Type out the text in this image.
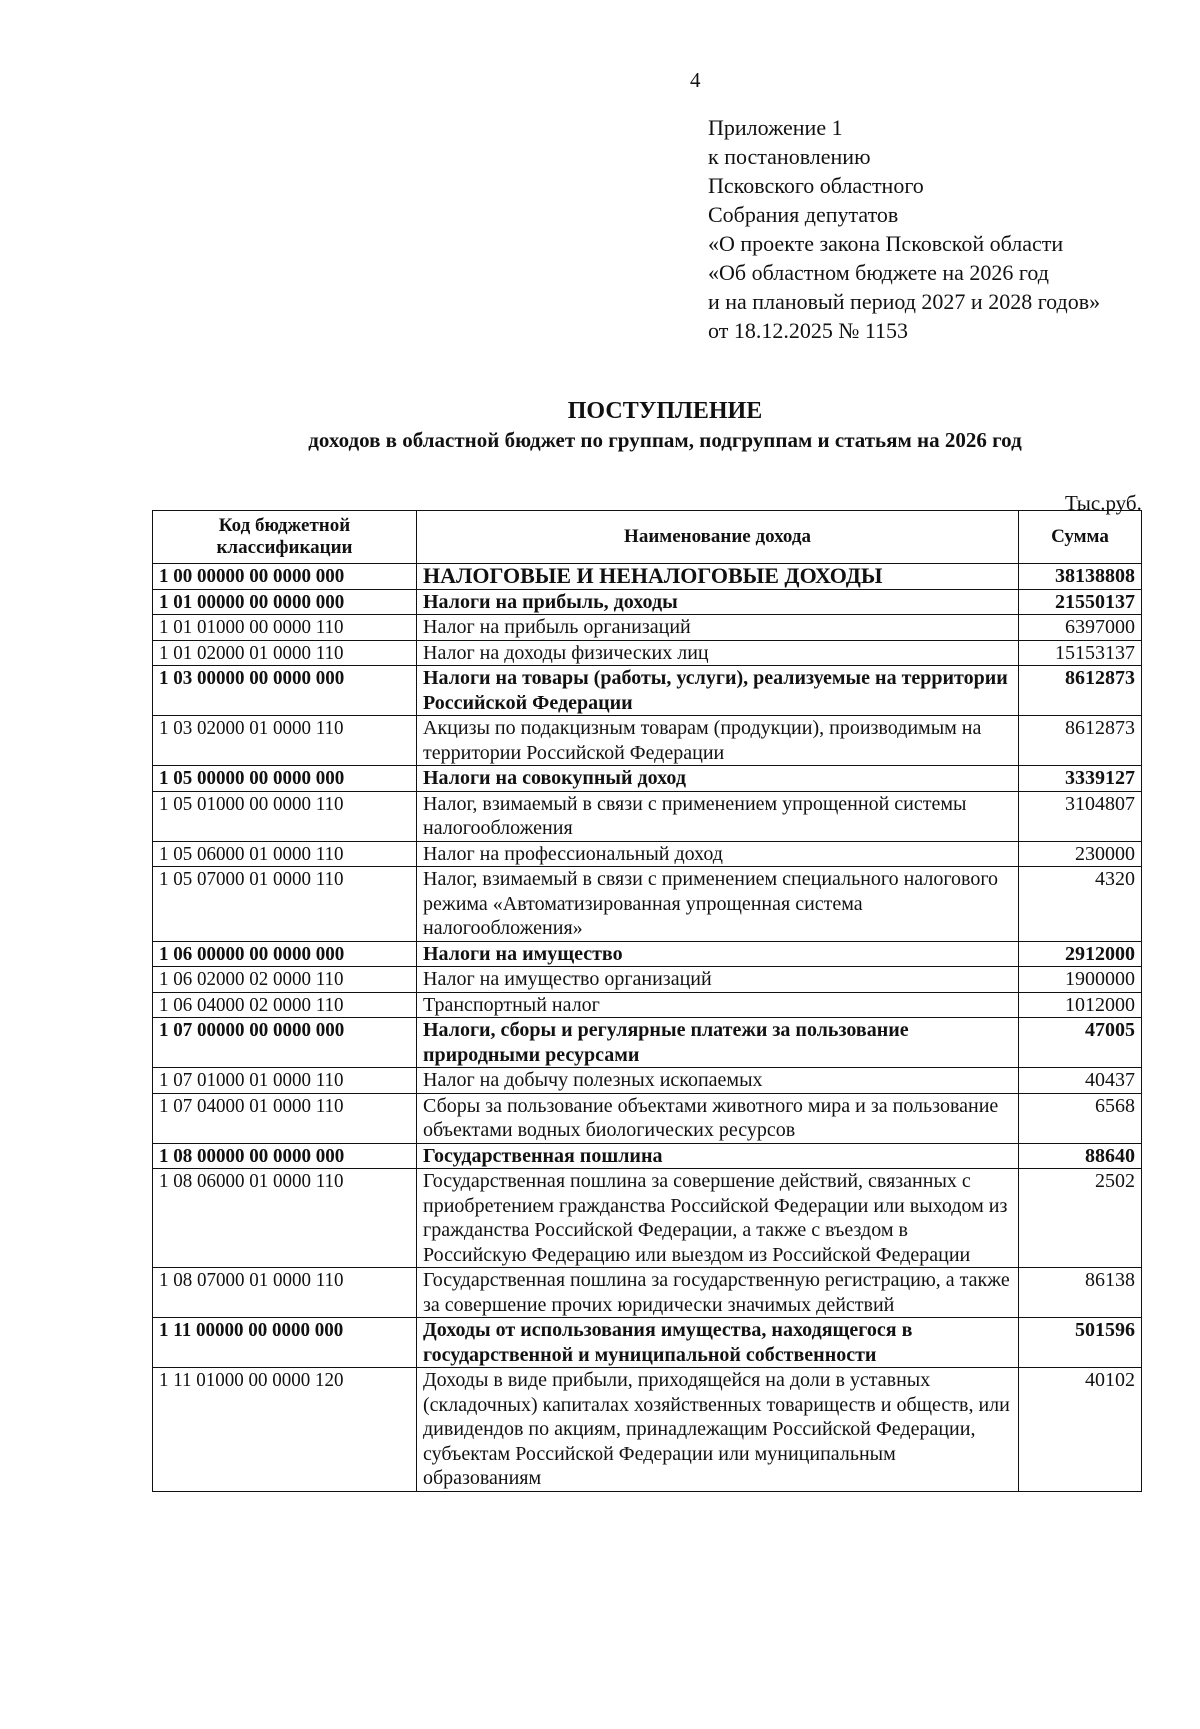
4
Приложение 1
к постановлению
Псковского областного
Собрания депутатов
«О проекте закона Псковской области
«Об областном бюджете на 2026 год
и на плановый период 2027 и 2028 годов»
от 18.12.2025 № 1153
ПОСТУПЛЕНИЕ
доходов в областной бюджет по группам, подгруппам и статьям на 2026 год
Тыс.руб.
Код бюджетной классификации	Наименование дохода	Сумма
1 00 00000 00 0000 000	НАЛОГОВЫЕ И НЕНАЛОГОВЫЕ ДОХОДЫ	38138808
1 01 00000 00 0000 000	Налоги на прибыль, доходы	21550137
1 01 01000 00 0000 110	Налог на прибыль организаций	6397000
1 01 02000 01 0000 110	Налог на доходы физических лиц	15153137
1 03 00000 00 0000 000	Налоги на товары (работы, услуги), реализуемые на территории Российской Федерации	8612873
1 03 02000 01 0000 110	Акцизы по подакцизным товарам (продукции), производимым на территории Российской Федерации	8612873
1 05 00000 00 0000 000	Налоги на совокупный доход	3339127
1 05 01000 00 0000 110	Налог, взимаемый в связи с применением упрощенной системы налогообложения	3104807
1 05 06000 01 0000 110	Налог на профессиональный доход	230000
1 05 07000 01 0000 110	Налог, взимаемый в связи с применением специального налогового режима «Автоматизированная упрощенная система налогообложения»	4320
1 06 00000 00 0000 000	Налоги на имущество	2912000
1 06 02000 02 0000 110	Налог на имущество организаций	1900000
1 06 04000 02 0000 110	Транспортный налог	1012000
1 07 00000 00 0000 000	Налоги, сборы и регулярные платежи за пользование природными ресурсами	47005
1 07 01000 01 0000 110	Налог на добычу полезных ископаемых	40437
1 07 04000 01 0000 110	Сборы за пользование объектами животного мира и за пользование объектами водных биологических ресурсов	6568
1 08 00000 00 0000 000	Государственная пошлина	88640
1 08 06000 01 0000 110	Государственная пошлина за совершение действий, связанных с приобретением гражданства Российской Федерации или выходом из гражданства Российской Федерации, а также с въездом в Российскую Федерацию или выездом из Российской Федерации	2502
1 08 07000 01 0000 110	Государственная пошлина за государственную регистрацию, а также за совершение прочих юридически значимых действий	86138
1 11 00000 00 0000 000	Доходы от использования имущества, находящегося в государственной и муниципальной собственности	501596
1 11 01000 00 0000 120	Доходы в виде прибыли, приходящейся на доли в уставных (складочных) капиталах хозяйственных товариществ и обществ, или дивидендов по акциям, принадлежащим Российской Федерации, субъектам Российской Федерации или муниципальным образованиям	40102
